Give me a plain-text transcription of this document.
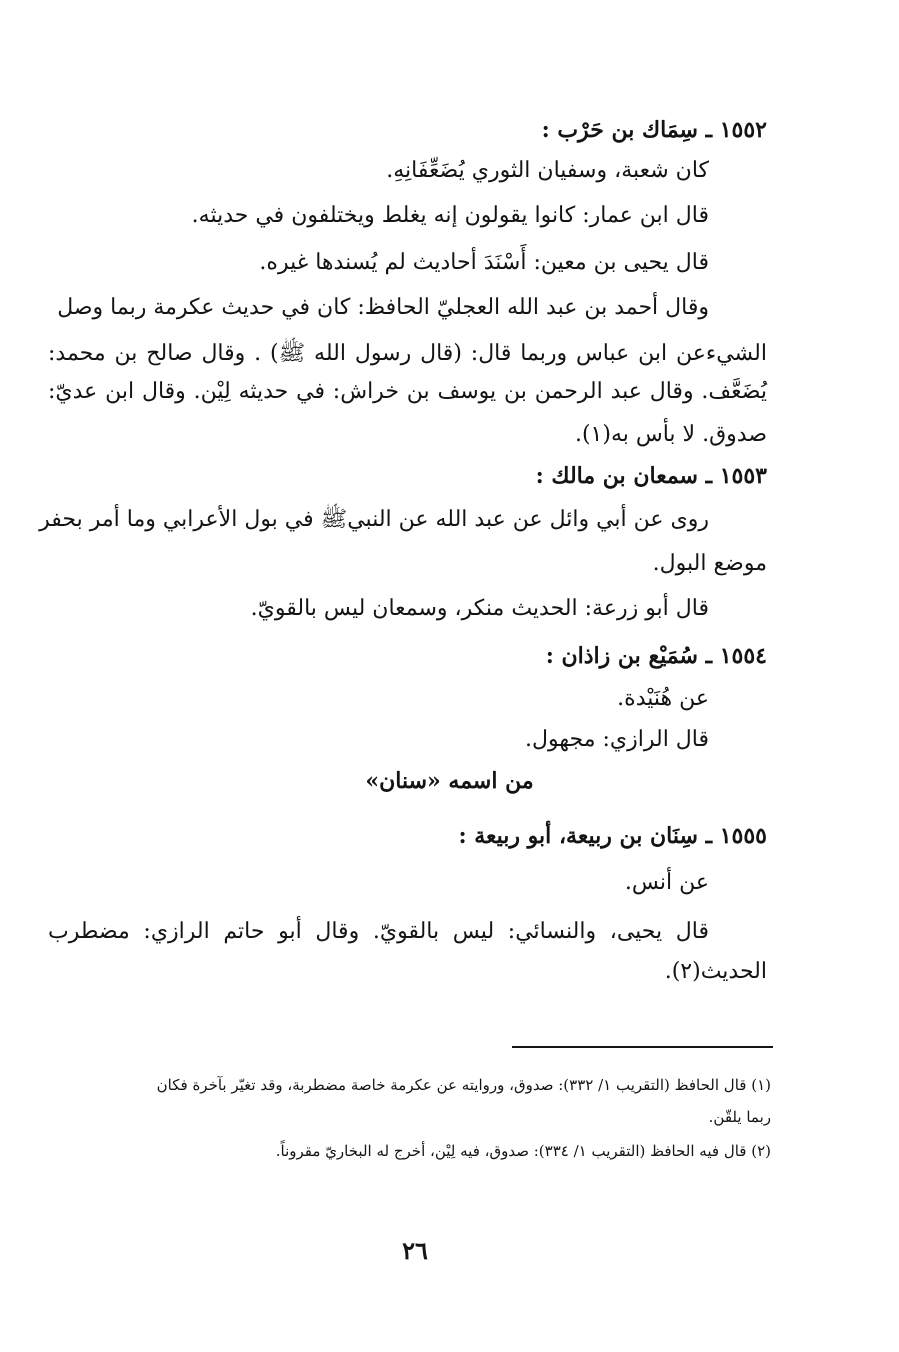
١٥٥٢ ـ سِمَاك بن حَرْب :
كان شعبة، وسفيان الثوري يُضَعِّفَانِهِ.
قال ابن عمار: كانوا يقولون إنه يغلط ويختلفون في حديثه.
قال يحيى بن معين: أَسْنَدَ أحاديث لم يُسندها غيره.
وقال أحمد بن عبد الله العجليّ الحافظ: كان في حديث عكرمة ربما وصل
الشيءعن ابن عباس وربما قال: (قال رسول الله ﷺ) . وقال صالح بن محمد:
يُضَعَّف. وقال عبد الرحمن بن يوسف بن خراش: في حديثه لِيْن. وقال ابن عديّ:
صدوق. لا بأس به(١).
١٥٥٣ ـ سمعان بن مالك :
روى عن أبي وائل عن عبد الله عن النبيﷺ في بول الأعرابي وما أمر بحفر
موضع البول.
قال أبو زرعة: الحديث منكر، وسمعان ليس بالقويّ.
١٥٥٤ ـ سُمَيْع بن زاذان :
عن هُنَيْدة.
قال الرازي: مجهول.
من اسمه «سنان»
١٥٥٥ ـ سِنَان بن ربيعة، أبو ربيعة :
عن أنس.
قال يحيى، والنسائي: ليس بالقويّ. وقال أبو حاتم الرازي: مضطرب
الحديث(٢).
(١) قال الحافظ (التقريب ١/ ٣٣٢): صدوق، وروايته عن عكرمة خاصة مضطربة، وقد تغيّر بآخرة فكان
ربما يلقّن.
(٢) قال فيه الحافظ (التقريب ١/ ٣٣٤): صدوق، فيه لِيْن، أخرج له البخاريّ مقروناً.
٢٦
